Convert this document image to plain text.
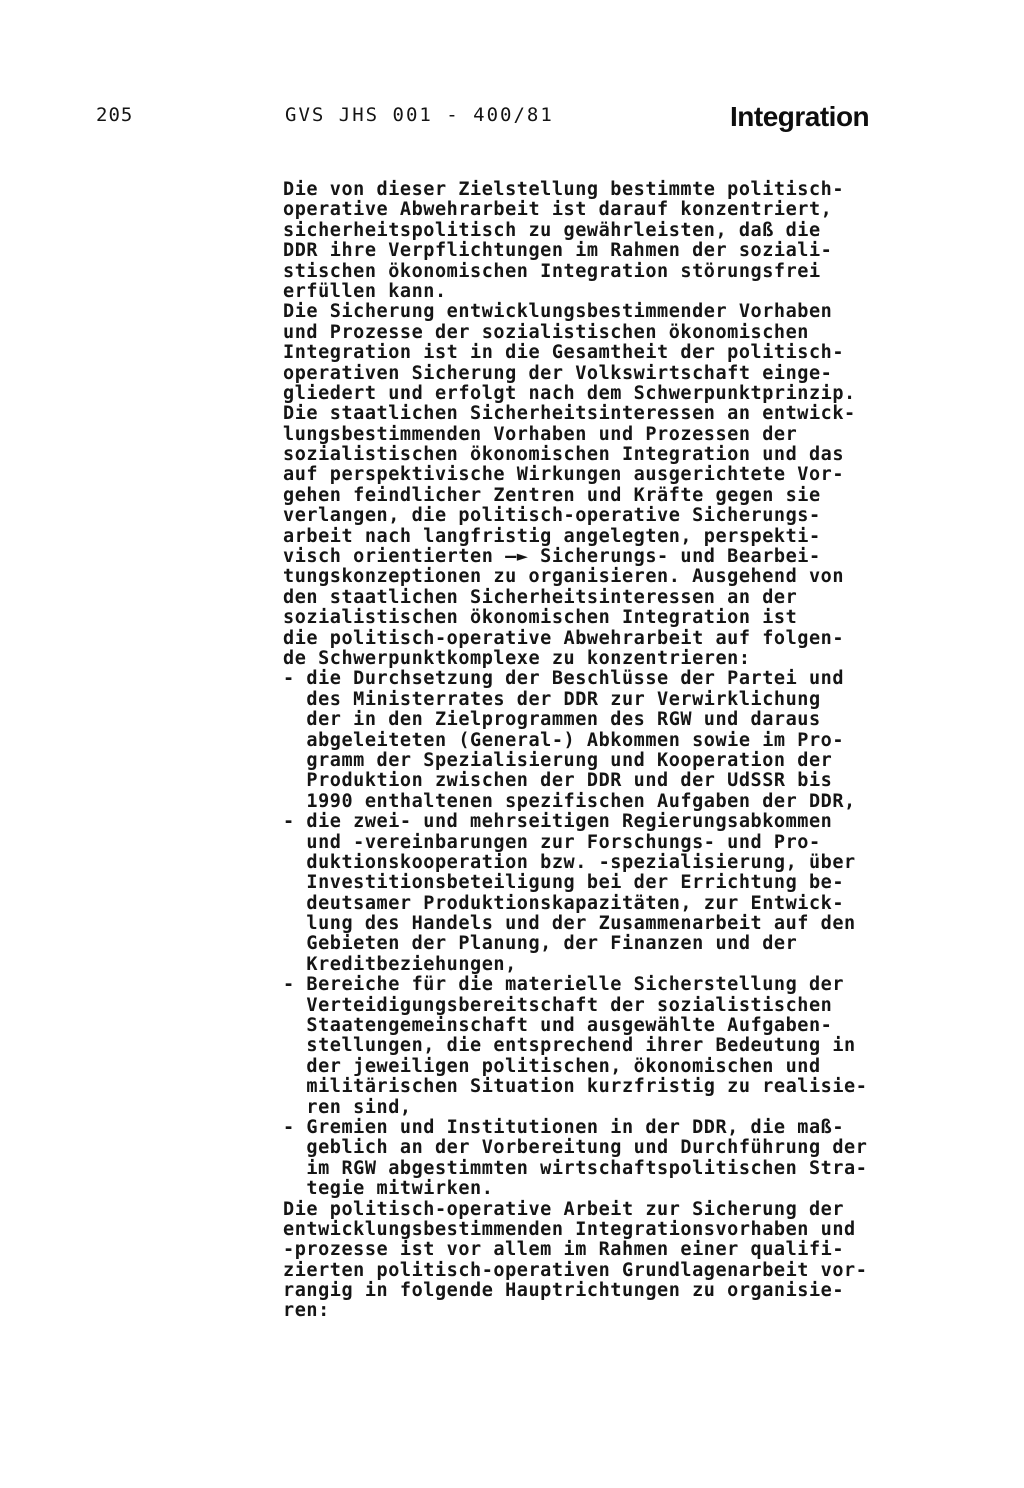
205	GVS JHS 001 - 400/81	Integration
Die von dieser Zielstellung bestimmte politisch-
operative Abwehrarbeit ist darauf konzentriert,
sicherheitspolitisch zu gewährleisten, daß die
DDR ihre Verpflichtungen im Rahmen der soziali-
stischen ökonomischen Integration störungsfrei
erfüllen kann.
Die Sicherung entwicklungsbestimmender Vorhaben
und Prozesse der sozialistischen ökonomischen
Integration ist in die Gesamtheit der politisch-
operativen Sicherung der Volkswirtschaft einge-
gliedert und erfolgt nach dem Schwerpunktprinzip.
Die staatlichen Sicherheitsinteressen an entwick-
lungsbestimmenden Vorhaben und Prozessen der
sozialistischen ökonomischen Integration und das
auf perspektivische Wirkungen ausgerichtete Vor-
gehen feindlicher Zentren und Kräfte gegen sie
verlangen, die politisch-operative Sicherungs-
arbeit nach langfristig angelegten, perspekti-
visch orientierten —► Sicherungs- und Bearbei-
tungskonzeptionen zu organisieren. Ausgehend von
den staatlichen Sicherheitsinteressen an der
sozialistischen ökonomischen Integration ist
die politisch-operative Abwehrarbeit auf folgen-
de Schwerpunktkomplexe zu konzentrieren:
- die Durchsetzung der Beschlüsse der Partei und
des Ministerrates der DDR zur Verwirklichung
der in den Zielprogrammen des RGW und daraus
abgeleiteten (General-) Abkommen sowie im Pro-
gramm der Spezialisierung und Kooperation der
Produktion zwischen der DDR und der UdSSR bis
1990 enthaltenen spezifischen Aufgaben der DDR,
- die zwei- und mehrseitigen Regierungsabkommen
und -vereinbarungen zur Forschungs- und Pro-
duktionskooperation bzw. -spezialisierung, über
Investitionsbeteiligung bei der Errichtung be-
deutsamer Produktionskapazitäten, zur Entwick-
lung des Handels und der Zusammenarbeit auf den
Gebieten der Planung, der Finanzen und der
Kreditbeziehungen,
- Bereiche für die materielle Sicherstellung der
Verteidigungsbereitschaft der sozialistischen
Staatengemeinschaft und ausgewählte Aufgaben-
stellungen, die entsprechend ihrer Bedeutung in
der jeweiligen politischen, ökonomischen und
militärischen Situation kurzfristig zu realisie-
ren sind,
- Gremien und Institutionen in der DDR, die maß-
geblich an der Vorbereitung und Durchführung der
im RGW abgestimmten wirtschaftspolitischen Stra-
tegie mitwirken.
Die politisch-operative Arbeit zur Sicherung der
entwicklungsbestimmenden Integrationsvorhaben und
-prozesse ist vor allem im Rahmen einer qualifi-
zierten politisch-operativen Grundlagenarbeit vor-
rangig in folgende Hauptrichtungen zu organisie-
ren:
